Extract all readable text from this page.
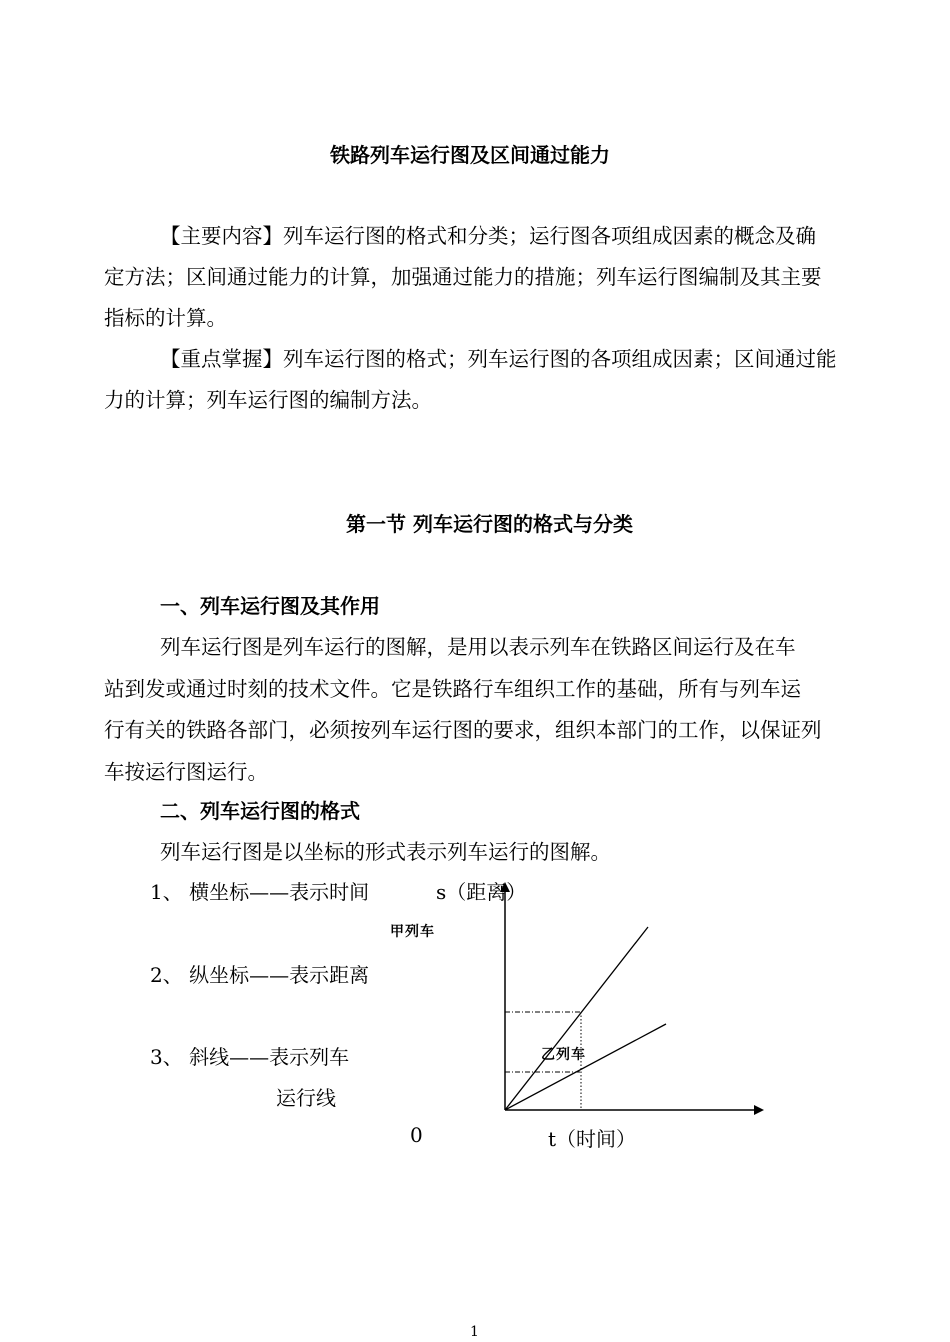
铁路列车运行图及区间通过能力
【主要内容】列车运行图的格式和分类；运行图各项组成因素的概念及确
定方法；区间通过能力的计算，加强通过能力的措施；列车运行图编制及其主要
指标的计算。
【重点掌握】列车运行图的格式；列车运行图的各项组成因素；区间通过能
力的计算；列车运行图的编制方法。
第一节 列车运行图的格式与分类
一、列车运行图及其作用
列车运行图是列车运行的图解，是用以表示列车在铁路区间运行及在车
站到发或通过时刻的技术文件。它是铁路行车组织工作的基础，所有与列车运
行有关的铁路各部门，必须按列车运行图的要求，组织本部门的工作，以保证列
车按运行图运行。
二、列车运行图的格式
列车运行图是以坐标的形式表示列车运行的图解。
1、 横坐标——表示时间
2、 纵坐标——表示距离
3、 斜线——表示列车
运行线
s（距离）
甲列车
乙列车
0	t（时间）
1
